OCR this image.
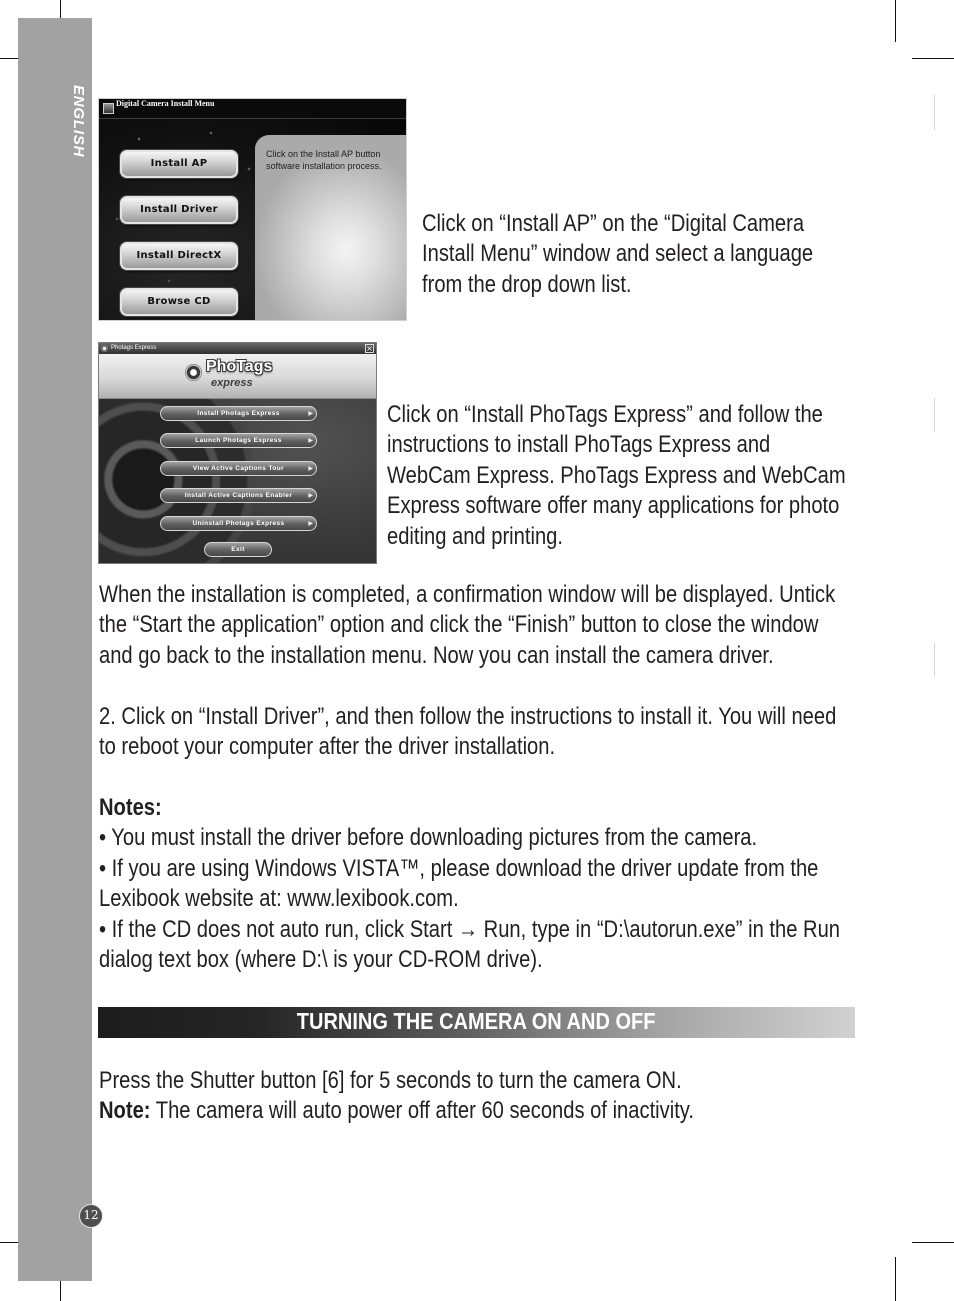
ENGLISH
12
Digital Camera Install Menu
Install AP
Install Driver
Install DirectX
Browse CD
Click on the Install AP button
software installation process.
Click on “Install AP” on the “Digital Camera
Install Menu” window and select a language
from the drop down list.
Photags Express	×
PhoTags
express
Install Photags Express	▶
Launch Photags Express	▶
View Active Captions Tour	▶
Install Active Captions Enabler	▶
Uninstall Photags Express	▶
Exit
Click on “Install PhoTags Express” and follow the
instructions to install PhoTags Express and
WebCam Express. PhoTags Express and WebCam
Express software offer many applications for photo
editing and printing.
When the installation is completed, a confirmation window will be displayed. Untick
the “Start the application” option and click the “Finish” button to close the window
and go back to the installation menu. Now you can install the camera driver.
2. Click on “Install Driver”, and then follow the instructions to install it. You will need
to reboot your computer after the driver installation.
Notes:
• You must install the driver before downloading pictures from the camera.
• If you are using Windows VISTA™, please download the driver update from the
Lexibook website at: www.lexibook.com.
• If the CD does not auto run, click Start → Run, type in “D:\autorun.exe” in the Run
dialog text box (where D:\ is your CD-ROM drive).
TURNING THE CAMERA ON AND OFF
Press the Shutter button [6] for 5 seconds to turn the camera ON.
Note: The camera will auto power off after 60 seconds of inactivity.
